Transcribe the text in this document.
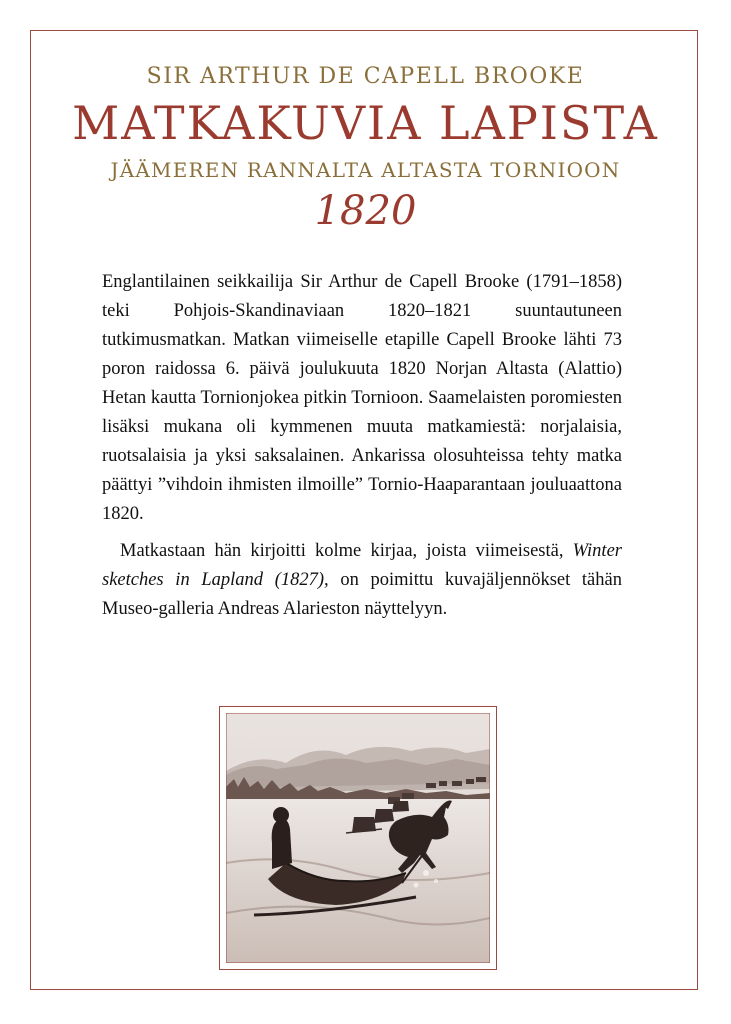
SIR ARTHUR DE CAPELL BROOKE
MATKAKUVIA LAPISTA
JÄÄMEREN RANNALTA ALTASTA TORNIOON
1820

Englantilainen seikkailija Sir Arthur de Capell Brooke (1791–1858) teki Pohjois-Skandinaviaan 1820–1821 suuntautuneen tutkimusmatkan. Matkan viimeiselle etapille Capell Brooke lähti 73 poron raidossa 6. päivä joulukuuta 1820 Norjan Altasta (Alattio) Hetan kautta Tornionjokea pitkin Tornioon. Saamelaisten poromiesten lisäksi mukana oli kymmenen muuta matkamiestä: norjalaisia, ruotsalaisia ja yksi saksalainen. Ankarissa olosuhteissa tehty matka päättyi ”vihdoin ihmisten ilmoille” Tornio-Haaparantaan jouluaattona 1820.

Matkastaan hän kirjoitti kolme kirjaa, joista viimeisestä, Winter sketches in Lapland (1827), on poimittu kuvajäljennökset tähän Museo-galleria Andreas Alarieston näyttelyyn.
